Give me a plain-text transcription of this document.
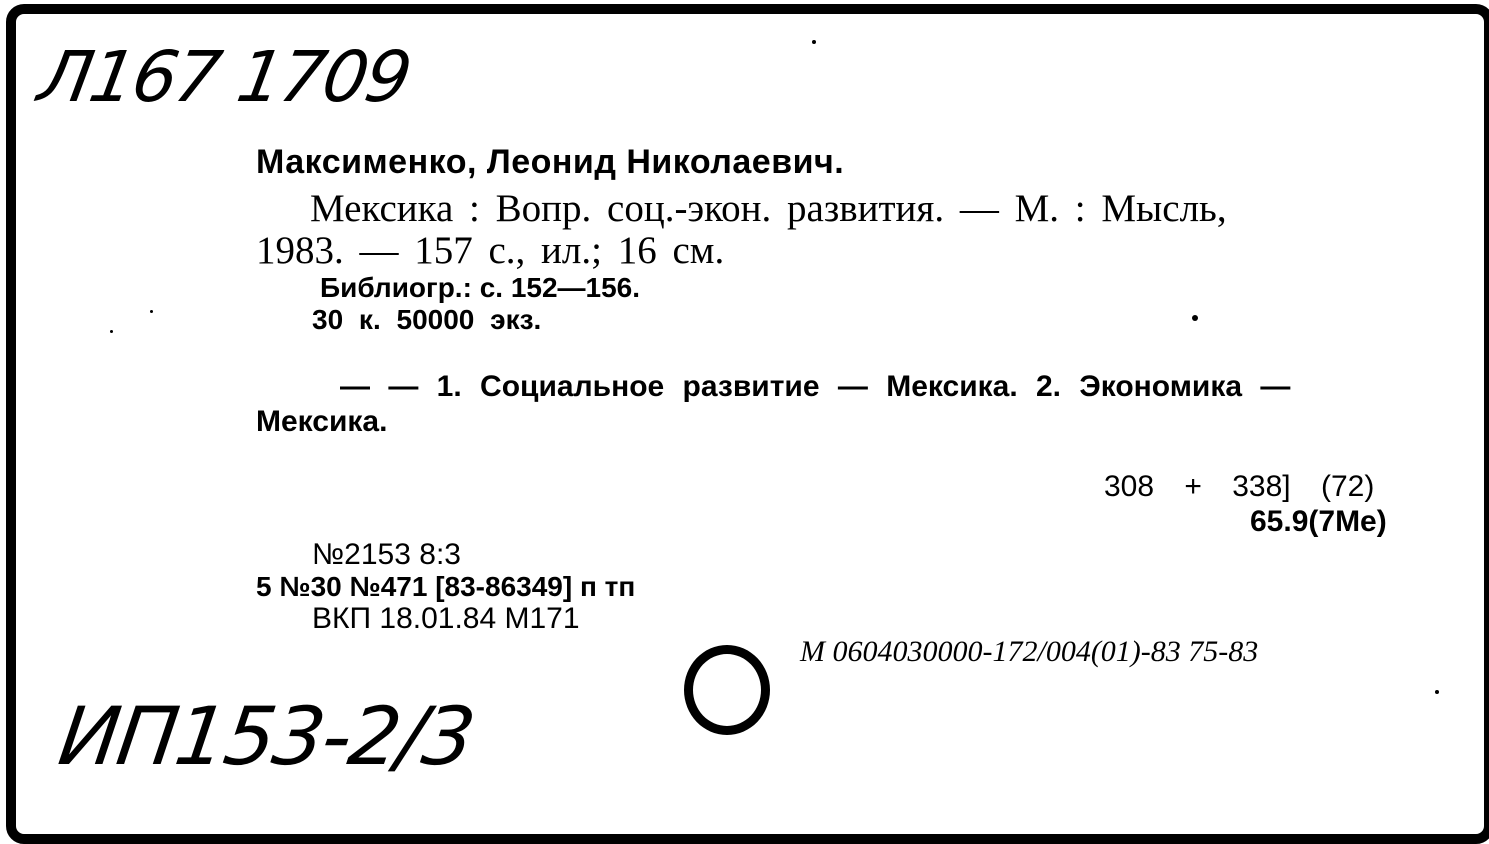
Л167 1709
Максименко, Леонид Николаевич.
Мексика : Вопр. соц.-экон. развития. — М. : Мысль,
1983. — 157 с., ил.; 16 см.
Библиогр.: с. 152—156.
30 к. 50000 экз.
— — 1. Социальное развитие — Мексика. 2. Экономика —
Мексика.
308 + 338] (72)
65.9(7Ме)
№2153 8:3
5 №30 №471 [83-86349] п тп
ВКП 18.01.84 М171
М 0604030000-172/004(01)-83 75-83
ИП153-2/3
